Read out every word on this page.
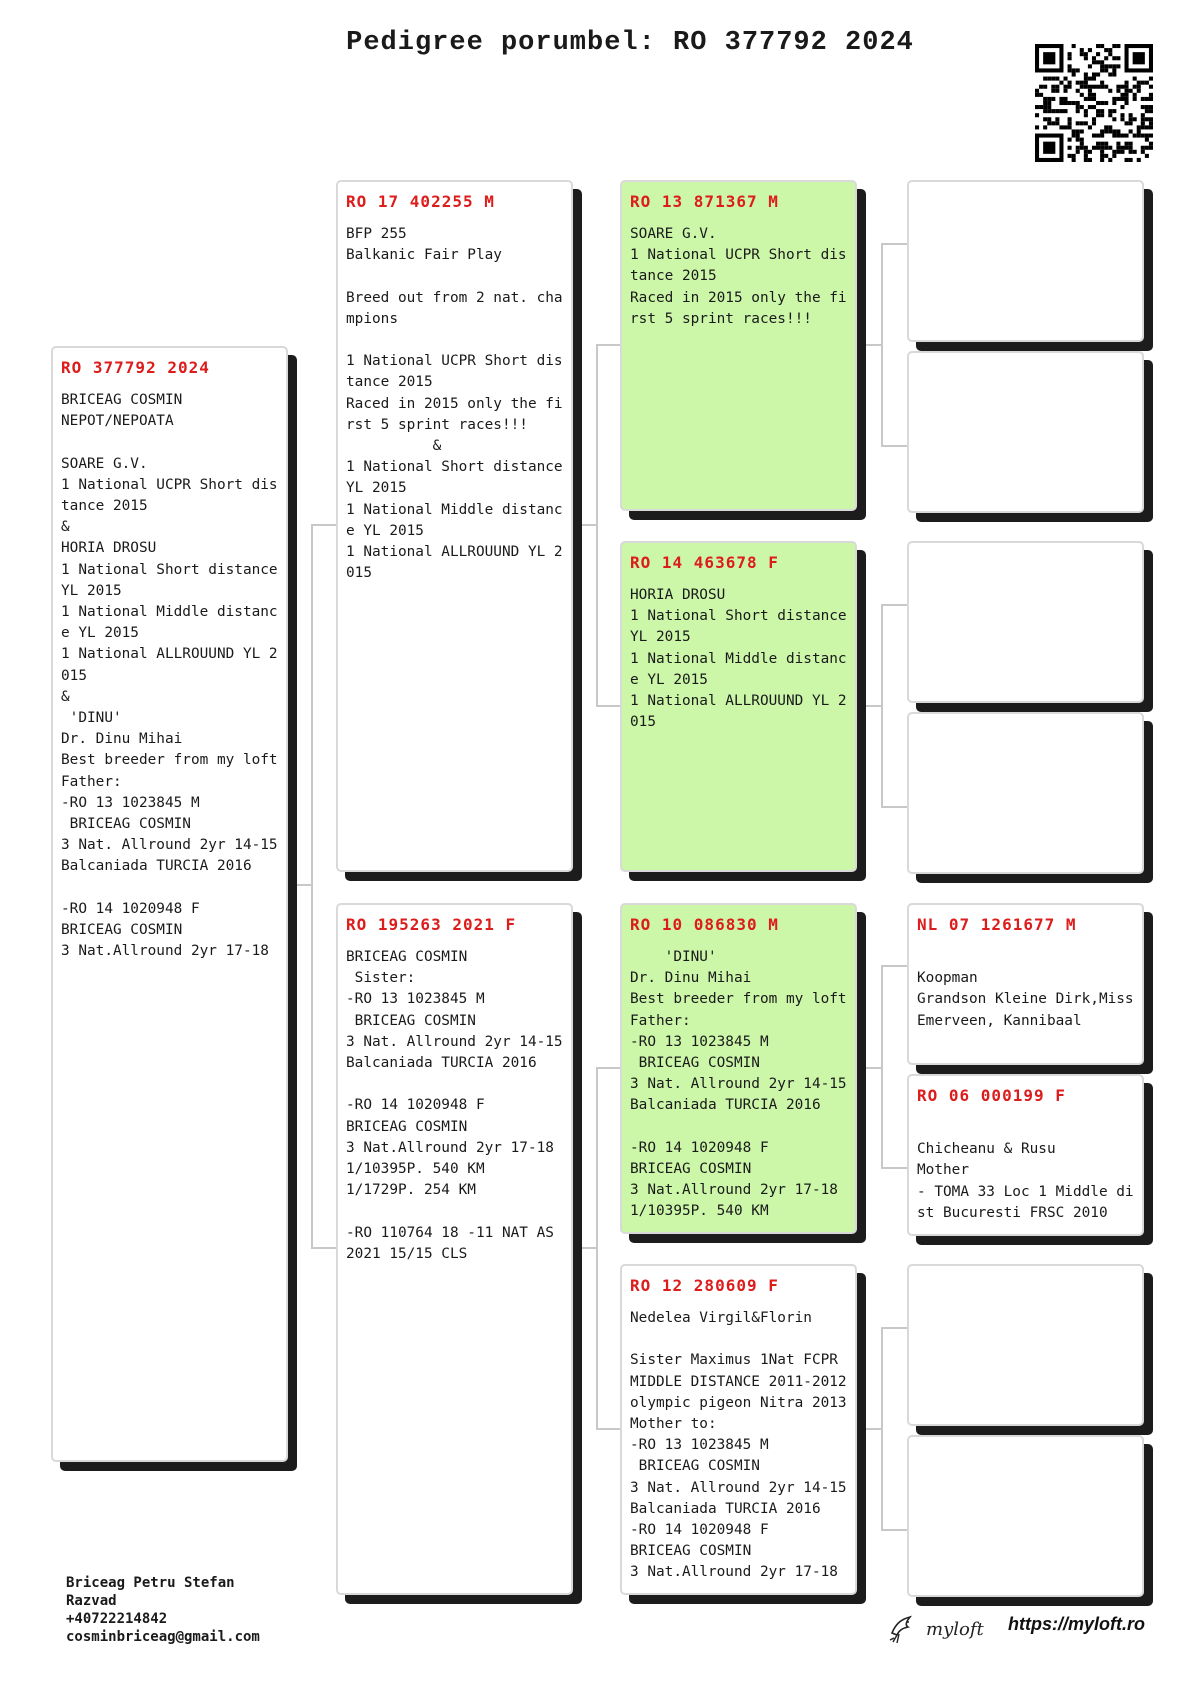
Pedigree porumbel: RO 377792 2024
RO 377792 2024
BRICEAG COSMIN
NEPOT/NEPOATA

SOARE G.V.
1 National UCPR Short distance 2015
&
HORIA DROSU
1 National Short distance YL 2015
1 National Middle distance YL 2015
1 National ALLROUUND YL 2015
&
'DINU'
Dr. Dinu Mihai
Best breeder from my loft
Father:
-RO 13 1023845 M
BRICEAG COSMIN
3 Nat. Allround 2yr 14-15 Balcaniada TURCIA 2016

-RO 14 1020948 F
BRICEAG COSMIN
3 Nat.Allround 2yr 17-18
RO 17 402255 M
BFP 255
Balkanic Fair Play

Breed out from 2 nat. champions

1 National UCPR Short distance 2015
Raced in 2015 only the first 5 sprint races!!!
&
1 National Short distance YL 2015
1 National Middle distance YL 2015
1 National ALLROUUND YL 2015
RO 195263 2021 F
BRICEAG COSMIN
Sister:
-RO 13 1023845 M
BRICEAG COSMIN
3 Nat. Allround 2yr 14-15 Balcaniada TURCIA 2016

-RO 14 1020948 F
BRICEAG COSMIN
3 Nat.Allround 2yr 17-18
1/10395P. 540 KM
1/1729P. 254 KM

-RO 110764 18 -11 NAT AS 2021 15/15 CLS
RO 13 871367 M
SOARE G.V.
1 National UCPR Short distance 2015
Raced in 2015 only the first 5 sprint races!!!
RO 14 463678 F
HORIA DROSU
1 National Short distance YL 2015
1 National Middle distance YL 2015
1 National ALLROUUND YL 2015
RO 10 086830 M
'DINU'
Dr. Dinu Mihai
Best breeder from my loft
Father:
-RO 13 1023845 M
BRICEAG COSMIN
3 Nat. Allround 2yr 14-15 Balcaniada TURCIA 2016

-RO 14 1020948 F
BRICEAG COSMIN
3 Nat.Allround 2yr 17-18
1/10395P. 540 KM
RO 12 280609 F
Nedelea Virgil&Florin

Sister Maximus 1Nat FCPR MIDDLE DISTANCE 2011-2012 olympic pigeon Nitra 2013
Mother to:
-RO 13 1023845 M
BRICEAG COSMIN
3 Nat. Allround 2yr 14-15 Balcaniada TURCIA 2016
-RO 14 1020948 F
BRICEAG COSMIN
3 Nat.Allround 2yr 17-18
NL 07 1261677 M

Koopman
Grandson Kleine Dirk,Miss Emerveen, Kannibaal
RO 06 000199 F

Chicheanu & Rusu
Mother
- TOMA 33 Loc 1 Middle dist Bucuresti FRSC 2010
Briceag Petru Stefan
Razvad
+40722214842
cosminbriceag@gmail.com	myloft https://myloft.ro
